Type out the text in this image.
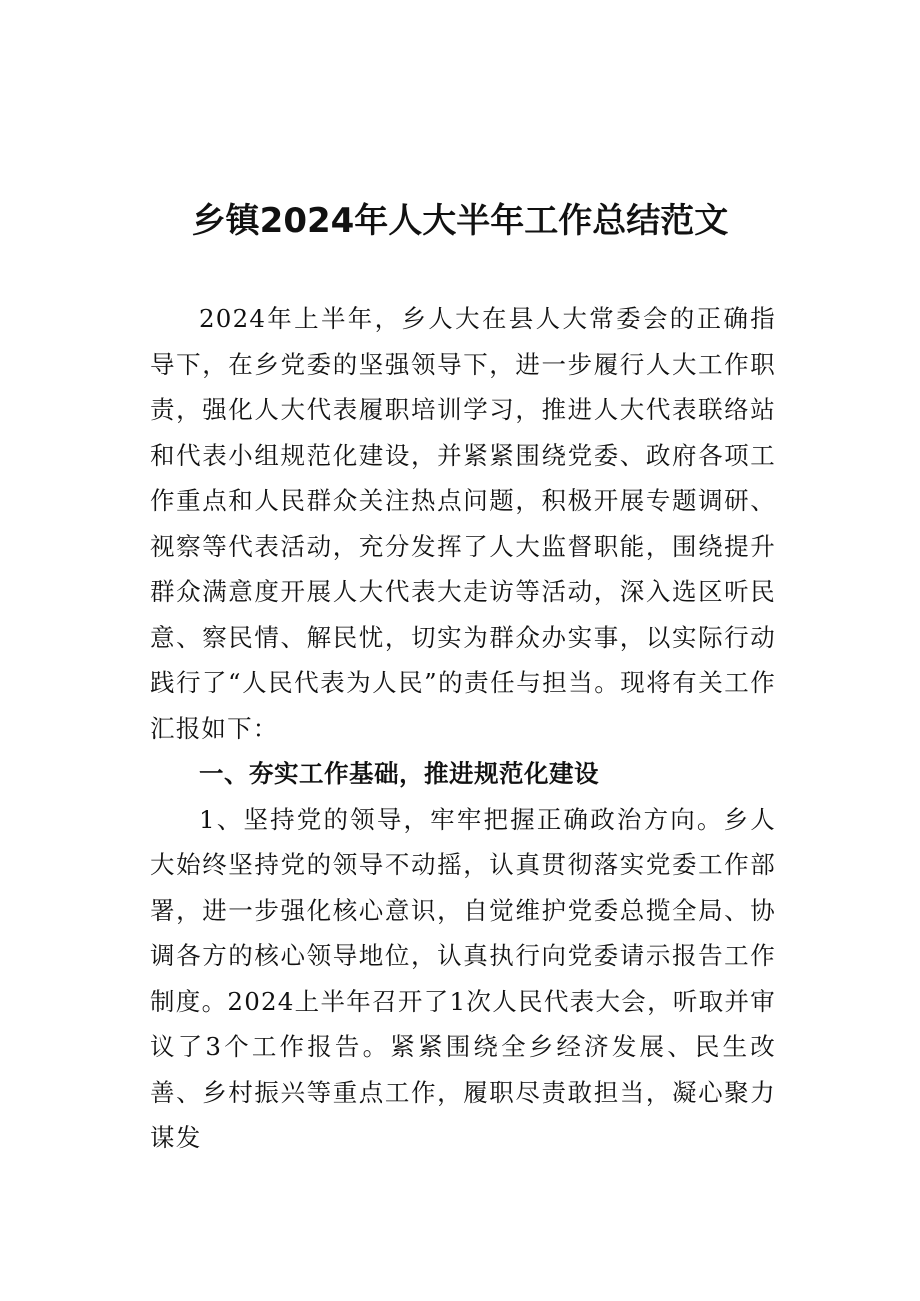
乡镇2024年人大半年工作总结范文

2024年上半年，乡人大在县人大常委会的正确指导下，在乡党委的坚强领导下，进一步履行人大工作职责，强化人大代表履职培训学习，推进人大代表联络站和代表小组规范化建设，并紧紧围绕党委、政府各项工作重点和人民群众关注热点问题，积极开展专题调研、视察等代表活动，充分发挥了人大监督职能，围绕提升群众满意度开展人大代表大走访等活动，深入选区听民意、察民情、解民忧，切实为群众办实事，以实际行动践行了“人民代表为人民”的责任与担当。现将有关工作汇报如下：

一、夯实工作基础，推进规范化建设

1、坚持党的领导，牢牢把握正确政治方向。乡人大始终坚持党的领导不动摇，认真贯彻落实党委工作部署，进一步强化核心意识，自觉维护党委总揽全局、协调各方的核心领导地位，认真执行向党委请示报告工作制度。2024上半年召开了1次人民代表大会，听取并审议了3个工作报告。紧紧围绕全乡经济发展、民生改善、乡村振兴等重点工作，履职尽责敢担当，凝心聚力谋发
